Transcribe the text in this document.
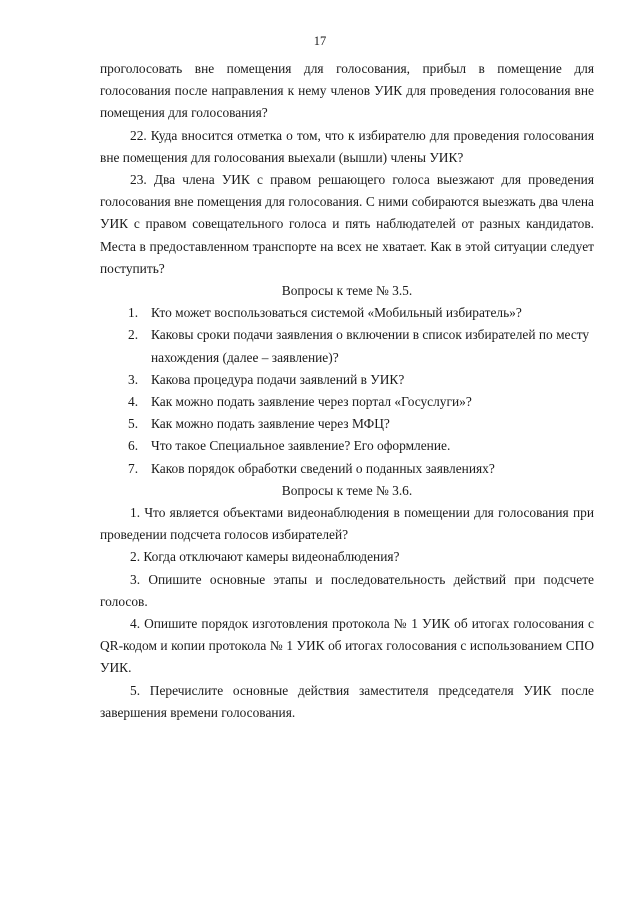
17

проголосовать вне помещения для голосования, прибыл в помещение для голосования после направления к нему членов УИК для проведения голосования вне помещения для голосования?

22. Куда вносится отметка о том, что к избирателю для проведения голосования вне помещения для голосования выехали (вышли) члены УИК?

23. Два члена УИК с правом решающего голоса выезжают для проведения голосования вне помещения для голосования. С ними собираются выезжать два члена УИК с правом совещательного голоса и пять наблюдателей от разных кандидатов. Места в предоставленном транспорте на всех не хватает. Как в этой ситуации следует поступить?

Вопросы к теме № 3.5.

1. Кто может воспользоваться системой «Мобильный избиратель»?

2. Каковы сроки подачи заявления о включении в список избирателей по месту нахождения (далее – заявление)?

3. Какова процедура подачи заявлений в УИК?

4. Как можно подать заявление через портал «Госуслуги»?

5. Как можно подать заявление через МФЦ?

6. Что такое Специальное заявление? Его оформление.

7. Каков порядок обработки сведений о поданных заявлениях?

Вопросы к теме № 3.6.

1. Что является объектами видеонаблюдения в помещении для голосования при проведении подсчета голосов избирателей?

2. Когда отключают камеры видеонаблюдения?

3. Опишите основные этапы и последовательность действий при подсчете голосов.

4. Опишите порядок изготовления протокола № 1 УИК об итогах голосования с QR-кодом и копии протокола № 1 УИК об итогах голосования с использованием СПО УИК.

5. Перечислите основные действия заместителя председателя УИК после завершения времени голосования.
